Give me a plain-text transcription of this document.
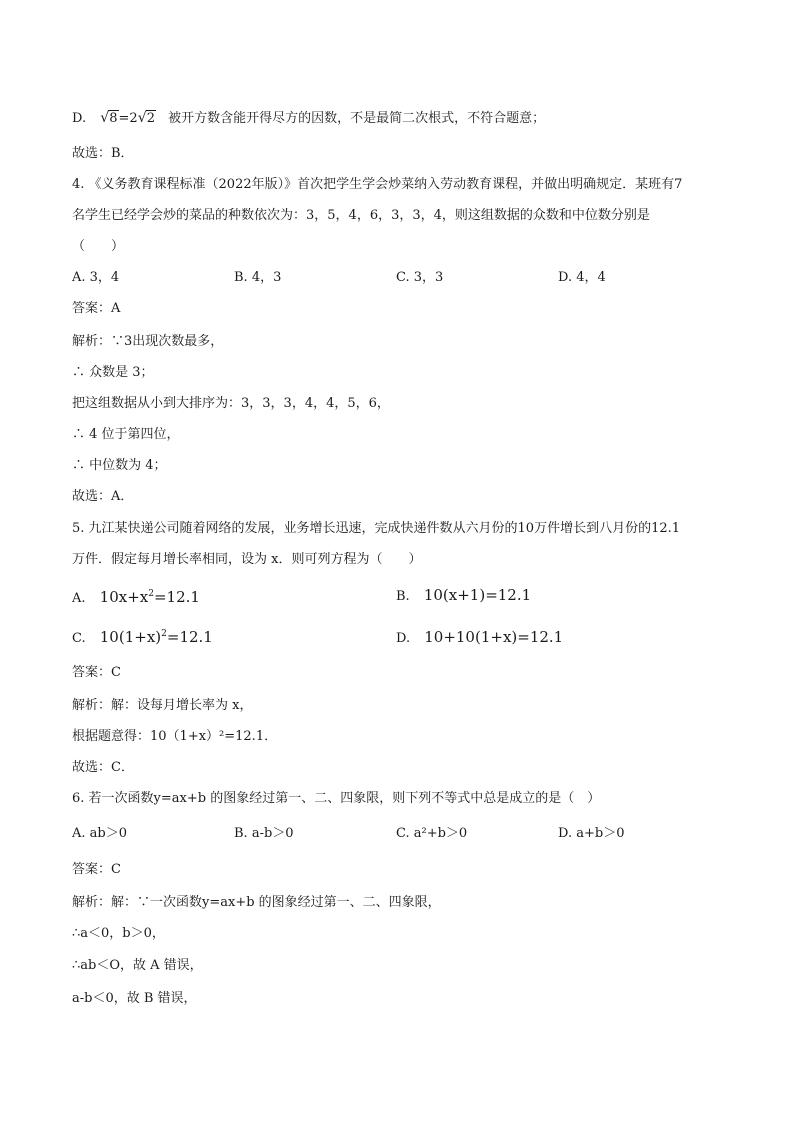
D. √ 8=2 √ 2 被开方数含能开得尽方的因数，不是最简二次根式，不符合题意；
故选：B．
4. 《义务教育课程标准（2022年版）》首次把学生学会炒菜纳入劳动教育课程，并做出明确规定．某班有7
名学生已经学会炒的菜品的种数依次为：3，5，4，6，3，3，4，则这组数据的众数和中位数分别是
（　　）
A. 3，4	B. 4，3	C. 3，3	D. 4，4
答案：A
解析：∵3出现次数最多，
∴ 众数是 3；
把这组数据从小到大排序为：3，3，3，4，4，5，6，
∴ 4 位于第四位，
∴ 中位数为 4；
故选：A．
5. 九江某快递公司随着网络的发展，业务增长迅速，完成快递件数从六月份的10万件增长到八月份的12.1
万件．假定每月增长率相同，设为 x．则可列方程为（　　）
A. $10x+x^2=12.1$	B. 10(x+1)=12.1
C. $10(1+x)^2=12.1$	D. 10+10(1+x)=12.1
答案：C
解析：解：设每月增长率为 x，
根据题意得：10（1+x）²=12.1．
故选：C．
6. 若一次函数y=ax+b 的图象经过第一、二、四象限，则下列不等式中总是成立的是（　）
A. ab＞0	B. a-b＞0	C. a²+b＞0	D. a+b＞0
答案：C
解析：解：∵一次函数y=ax+b 的图象经过第一、二、四象限，
∴a＜0，b＞0，
∴ab＜O，故 A 错误，
a-b＜0，故 B 错误，
